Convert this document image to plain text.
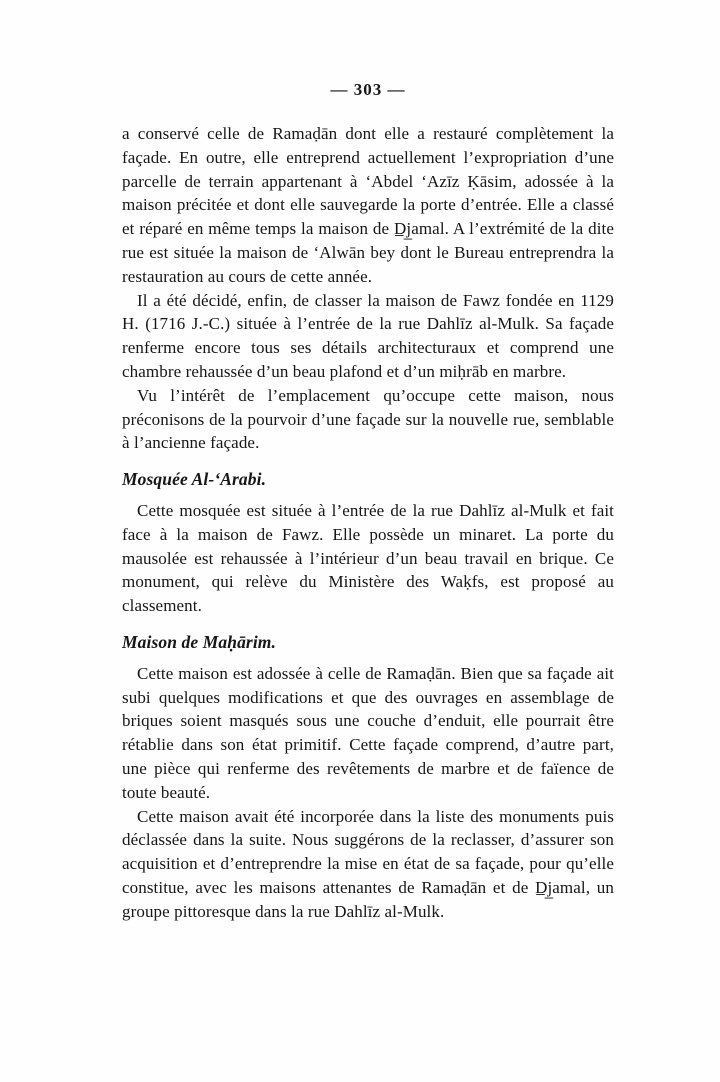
— 303 —

a conservé celle de Ramaḍān dont elle a restauré complètement la façade. En outre, elle entreprend actuellement l’expropriation d’une parcelle de terrain appartenant à ‘Abdel ‘Azīz Ḳāsim, adossée à la maison précitée et dont elle sauvegarde la porte d’entrée. Elle a classé et réparé en même temps la maison de D̲j̲amal. A l’extrémité de la dite rue est située la maison de ‘Alwān bey dont le Bureau entreprendra la restauration au cours de cette année.

Il a été décidé, enfin, de classer la maison de Fawz fondée en 1129 H. (1716 J.-C.) située à l’entrée de la rue Dahlīz al-Mulk. Sa façade renferme encore tous ses détails architecturaux et comprend une chambre rehaussée d’un beau plafond et d’un miḥrāb en marbre.

Vu l’intérêt de l’emplacement qu’occupe cette maison, nous préconisons de la pourvoir d’une façade sur la nouvelle rue, semblable à l’ancienne façade.

Mosquée Al-‘Arabi.

Cette mosquée est située à l’entrée de la rue Dahlīz al-Mulk et fait face à la maison de Fawz. Elle possède un minaret. La porte du mausolée est rehaussée à l’intérieur d’un beau travail en brique. Ce monument, qui relève du Ministère des Waḳfs, est proposé au classement.

Maison de Maḥārim.

Cette maison est adossée à celle de Ramaḍān. Bien que sa façade ait subi quelques modifications et que des ouvrages en assemblage de briques soient masqués sous une couche d’enduit, elle pourrait être rétablie dans son état primitif. Cette façade comprend, d’autre part, une pièce qui renferme des revêtements de marbre et de faïence de toute beauté.

Cette maison avait été incorporée dans la liste des monuments puis déclassée dans la suite. Nous suggérons de la reclasser, d’assurer son acquisition et d’entreprendre la mise en état de sa façade, pour qu’elle constitue, avec les maisons attenantes de Ramaḍān et de D̲j̲amal, un groupe pittoresque dans la rue Dahlīz al-Mulk.
